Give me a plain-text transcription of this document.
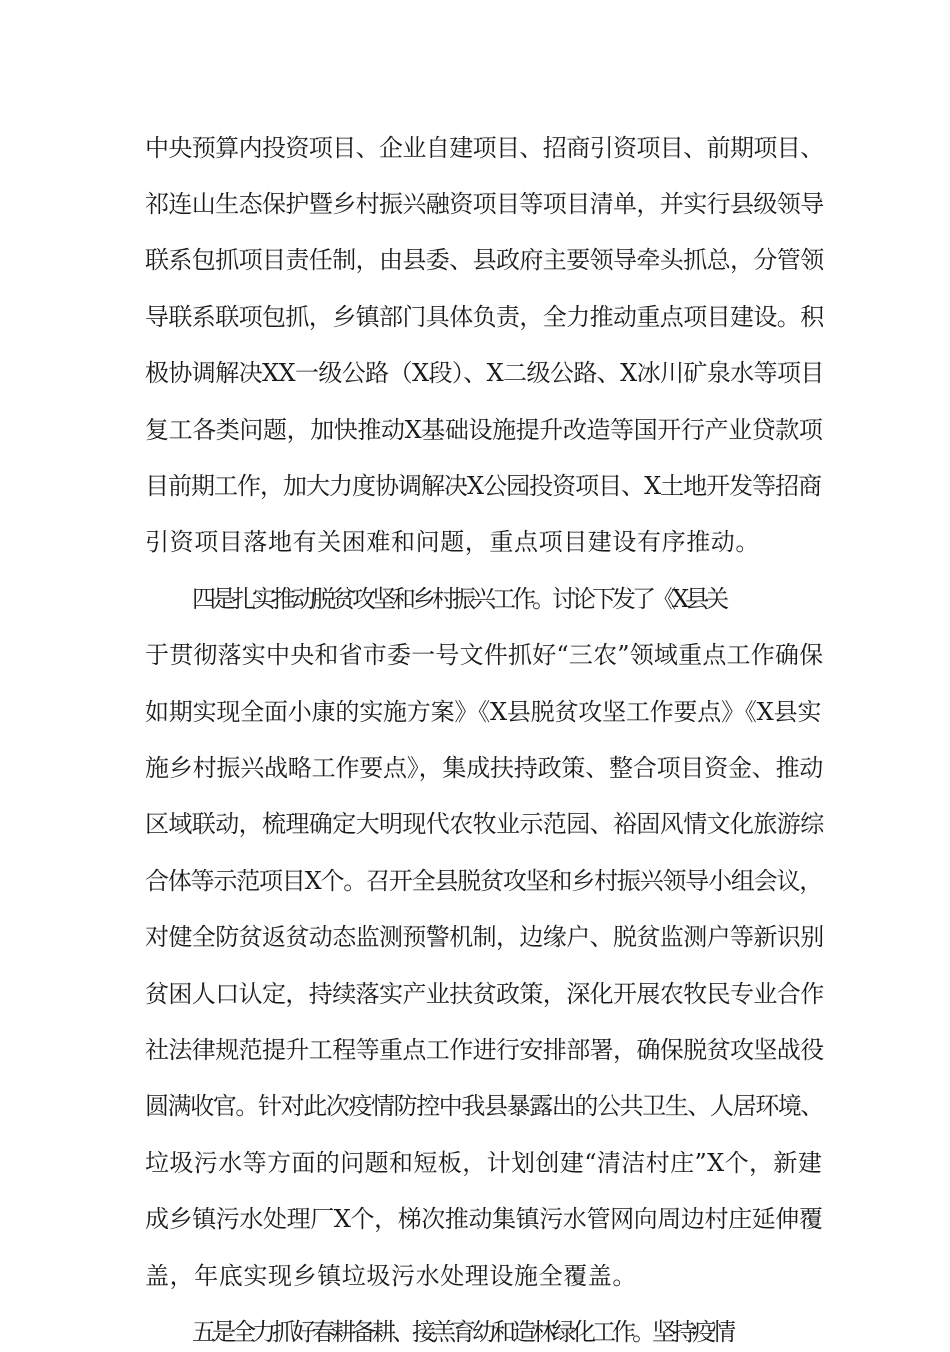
中央预算内投资项目、企业自建项目、招商引资项目、前期项目、

祁连山生态保护暨乡村振兴融资项目等项目清单，并实行县级领导

联系包抓项目责任制，由县委、县政府主要领导牵头抓总，分管领

导联系联项包抓，乡镇部门具体负责，全力推动重点项目建设。积

极协调解决XX一级公路（X段）、X二级公路、X冰川矿泉水等项目

复工各类问题，加快推动X基础设施提升改造等国开行产业贷款项

目前期工作，加大力度协调解决X公园投资项目、X土地开发等招商

引资项目落地有关困难和问题，重点项目建设有序推动。

四是扎实推动脱贫攻坚和乡村振兴工作。讨论下发了《X县关

于贯彻落实中央和省市委一号文件抓好“三农”领域重点工作确保

如期实现全面小康的实施方案》《X县脱贫攻坚工作要点》《X县实

施乡村振兴战略工作要点》，集成扶持政策、整合项目资金、推动

区域联动，梳理确定大明现代农牧业示范园、裕固风情文化旅游综

合体等示范项目X个。召开全县脱贫攻坚和乡村振兴领导小组会议，

对健全防贫返贫动态监测预警机制，边缘户、脱贫监测户等新识别

贫困人口认定，持续落实产业扶贫政策，深化开展农牧民专业合作

社法律规范提升工程等重点工作进行安排部署，确保脱贫攻坚战役

圆满收官。针对此次疫情防控中我县暴露出的公共卫生、人居环境、

垃圾污水等方面的问题和短板，计划创建“清洁村庄”X个，新建

成乡镇污水处理厂X个，梯次推动集镇污水管网向周边村庄延伸覆

盖，年底实现乡镇垃圾污水处理设施全覆盖。

五是全力抓好春耕备耕、接羔育幼和造林绿化工作。坚持疫情
